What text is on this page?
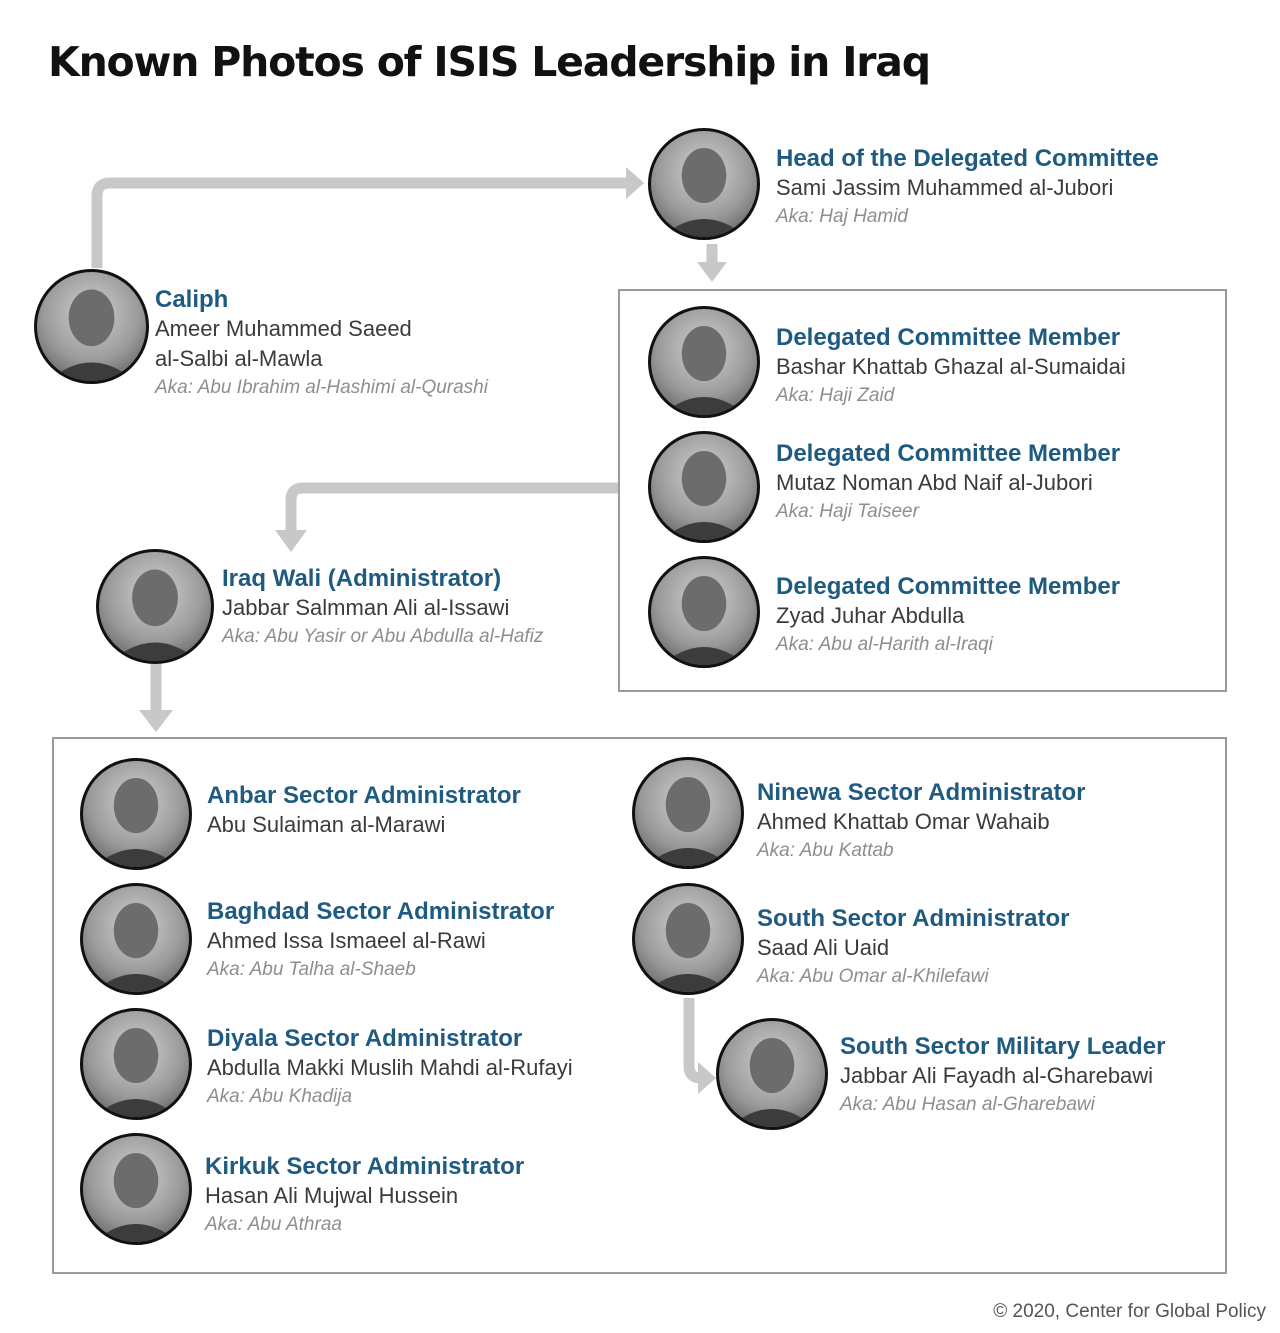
Known Photos of ISIS Leadership in Iraq
Caliph
Ameer Muhammed Saeed
al-Salbi al-Mawla
Aka: Abu Ibrahim al-Hashimi al-Qurashi
Head of the Delegated Committee
Sami Jassim Muhammed al-Jubori
Aka: Haj Hamid
Delegated Committee Member
Bashar Khattab Ghazal al-Sumaidai
Aka: Haji Zaid
Delegated Committee Member
Mutaz Noman Abd Naif al-Jubori
Aka: Haji Taiseer
Delegated Committee Member
Zyad Juhar Abdulla
Aka: Abu al-Harith al-Iraqi
Iraq Wali (Administrator)
Jabbar Salmman Ali al-Issawi
Aka: Abu Yasir or Abu Abdulla al-Hafiz
Anbar Sector Administrator
Abu Sulaiman al-Marawi
Baghdad Sector Administrator
Ahmed Issa Ismaeel al-Rawi
Aka: Abu Talha al-Shaeb
Diyala Sector Administrator
Abdulla Makki Muslih Mahdi al-Rufayi
Aka: Abu Khadija
Kirkuk Sector Administrator
Hasan Ali Mujwal Hussein
Aka: Abu Athraa
Ninewa Sector Administrator
Ahmed Khattab Omar Wahaib
Aka: Abu Kattab
South Sector Administrator
Saad Ali Uaid
Aka: Abu Omar al-Khilefawi
South Sector Military Leader
Jabbar Ali Fayadh al-Gharebawi
Aka: Abu Hasan al-Gharebawi
© 2020, Center for Global Policy
